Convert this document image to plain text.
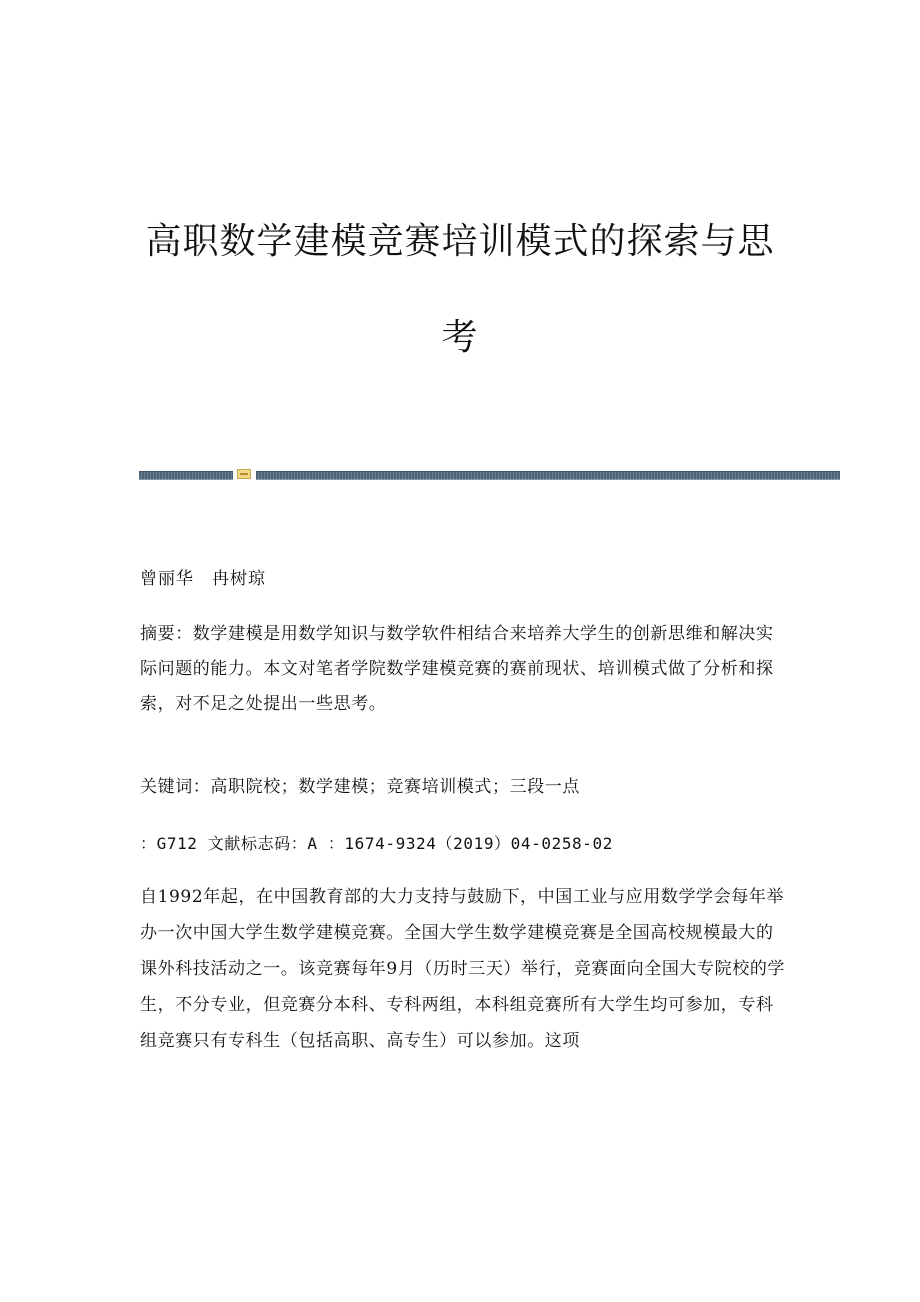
高职数学建模竞赛培训模式的探索与思
考

曾丽华　冉树琼

摘要：数学建模是用数学知识与数学软件相结合来培养大学生的创新思维和解决实际问题的能力。本文对笔者学院数学建模竞赛的赛前现状、培训模式做了分析和探索，对不足之处提出一些思考。

关键词：高职院校；数学建模；竞赛培训模式；三段一点

：G712 文献标志码：A ：1674-9324（2019）04-0258-02

自1992年起，在中国教育部的大力支持与鼓励下，中国工业与应用数学学会每年举办一次中国大学生数学建模竞赛。全国大学生数学建模竞赛是全国高校规模最大的课外科技活动之一。该竞赛每年9月（历时三天）举行，竞赛面向全国大专院校的学生，不分专业，但竞赛分本科、专科两组，本科组竞赛所有大学生均可参加，专科组竞赛只有专科生（包括高职、高专生）可以参加。这项
